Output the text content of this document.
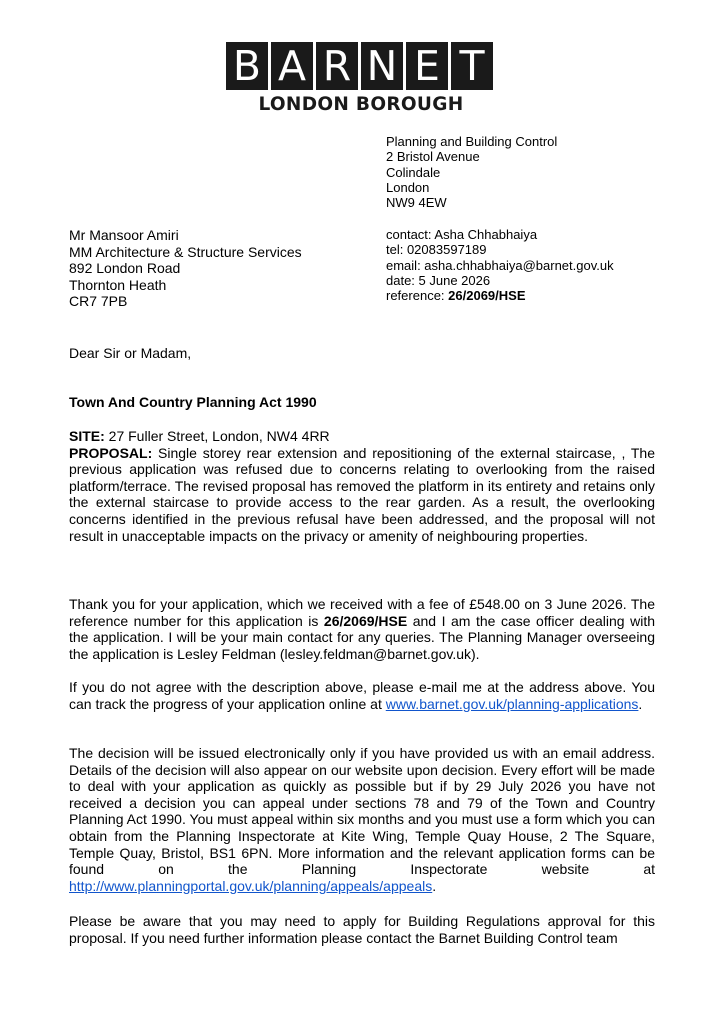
B A R N E T
LONDON BOROUGH
Planning and Building Control
2 Bristol Avenue
Colindale
London
NW9 4EW
contact: Asha Chhabhaiya
tel: 02083597189
email: asha.chhabhaiya@barnet.gov.uk
date: 5 June 2026
reference: 26/2069/HSE
Mr Mansoor Amiri
MM Architecture & Structure Services
892 London Road
Thornton Heath
CR7 7PB
Dear Sir or Madam,
Town And Country Planning Act 1990
SITE: 27 Fuller Street, London, NW4 4RR
PROPOSAL: Single storey rear extension and repositioning of the external staircase, , The previous application was refused due to concerns relating to overlooking from the raised platform/terrace. The revised proposal has removed the platform in its entirety and retains only the external staircase to provide access to the rear garden. As a result, the overlooking concerns identified in the previous refusal have been addressed, and the proposal will not result in unacceptable impacts on the privacy or amenity of neighbouring properties.
Thank you for your application, which we received with a fee of £548.00 on 3 June 2026. The reference number for this application is 26/2069/HSE and I am the case officer dealing with the application. I will be your main contact for any queries. The Planning Manager overseeing the application is Lesley Feldman (lesley.feldman@barnet.gov.uk).
If you do not agree with the description above, please e-mail me at the address above. You can track the progress of your application online at www.barnet.gov.uk/planning-applications.
The decision will be issued electronically only if you have provided us with an email address. Details of the decision will also appear on our website upon decision. Every effort will be made to deal with your application as quickly as possible but if by 29 July 2026 you have not received a decision you can appeal under sections 78 and 79 of the Town and Country Planning Act 1990. You must appeal within six months and you must use a form which you can obtain from the Planning Inspectorate at Kite Wing, Temple Quay House, 2 The Square, Temple Quay, Bristol, BS1 6PN. More information and the relevant application forms can be found on the Planning Inspectorate website at http://www.planningportal.gov.uk/planning/appeals/appeals.
Please be aware that you may need to apply for Building Regulations approval for this proposal. If you need further information please contact the Barnet Building Control team
